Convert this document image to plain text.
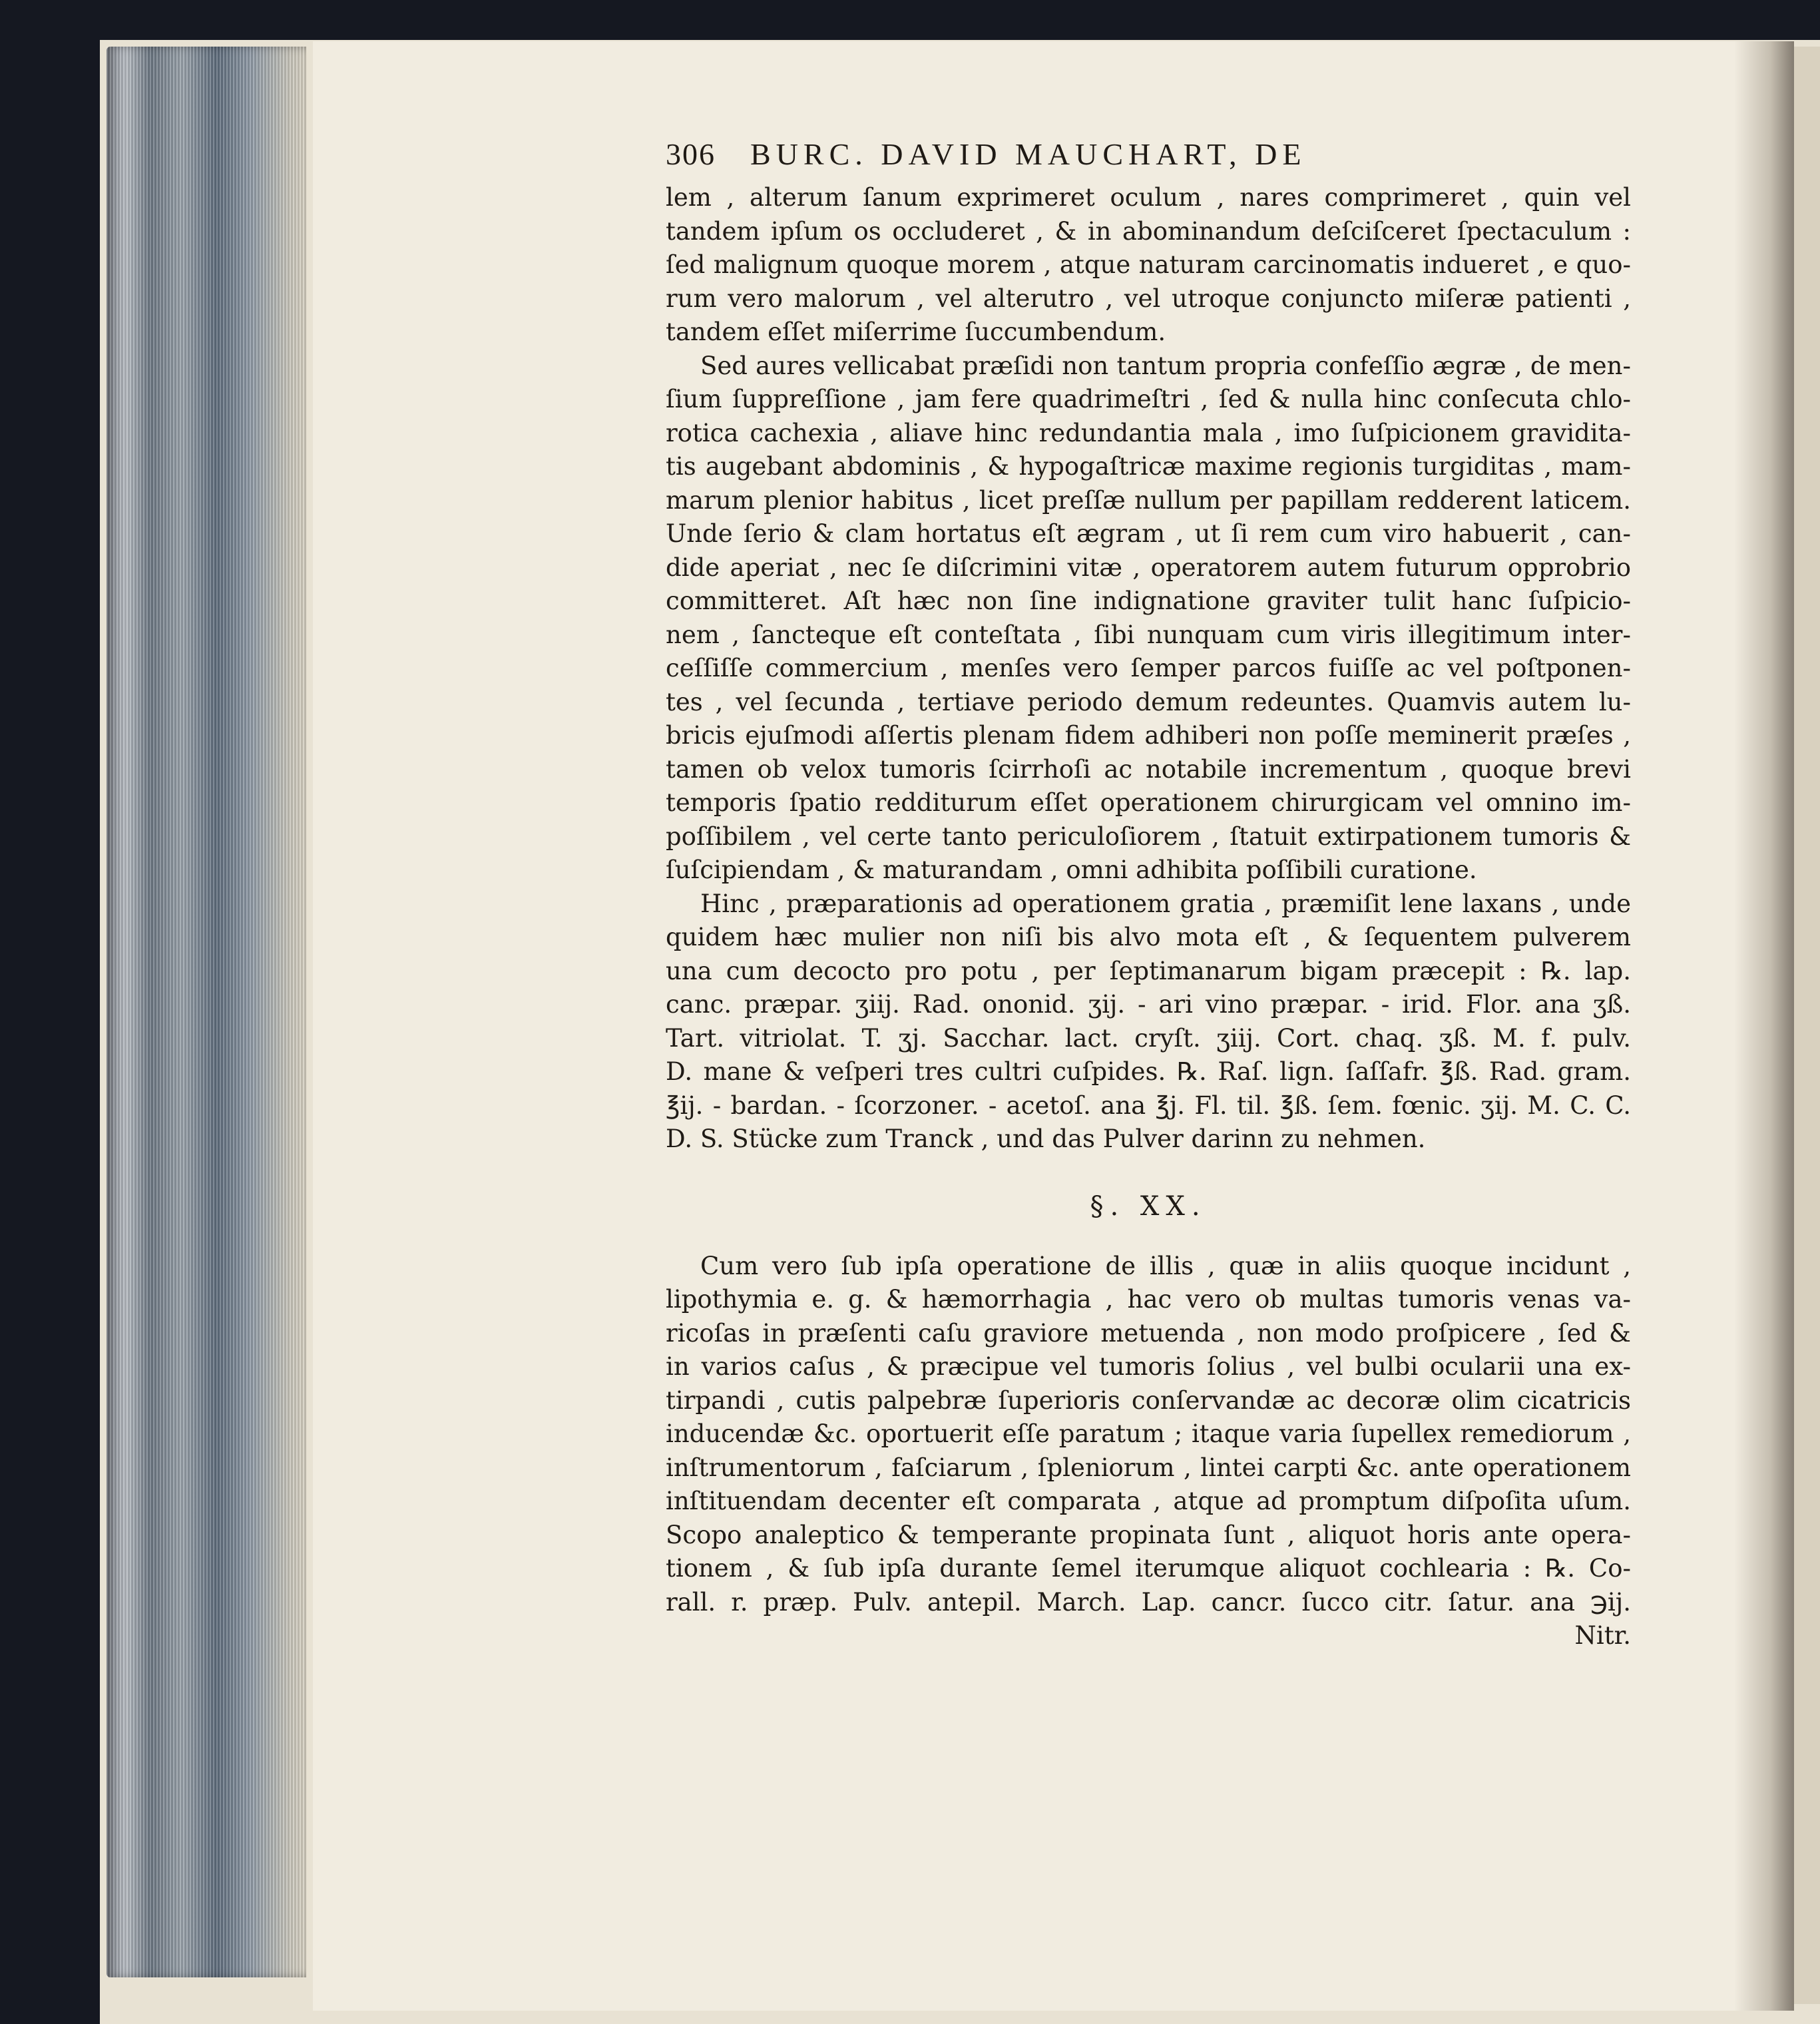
306 BURC. DAVID MAUCHART, DE
lem , alterum ſanum exprimeret oculum , nares comprimeret , quin vel
tandem ipſum os occluderet , & in abominandum deſciſceret ſpectaculum :
ſed malignum quoque morem , atque naturam carcinomatis indueret , e quo-
rum vero malorum , vel alterutro , vel utroque conjuncto miſeræ patienti ,
tandem eſſet miſerrime ſuccumbendum.
Sed aures vellicabat præſidi non tantum propria confeſſio ægræ , de men-
ſium ſuppreſſione , jam fere quadrimeſtri , ſed & nulla hinc conſecuta chlo-
rotica cachexia , aliave hinc redundantia mala , imo ſuſpicionem gravidita-
tis augebant abdominis , & hypogaſtricæ maxime regionis turgiditas , mam-
marum plenior habitus , licet preſſæ nullum per papillam redderent laticem.
Unde ſerio & clam hortatus eſt ægram , ut ſi rem cum viro habuerit , can-
dide aperiat , nec ſe diſcrimini vitæ , operatorem autem futurum opprobrio
committeret. Aſt hæc non ſine indignatione graviter tulit hanc ſuſpicio-
nem , ſancteque eſt conteſtata , ſibi nunquam cum viris illegitimum inter-
ceſſiſſe commercium , menſes vero ſemper parcos fuiſſe ac vel poſtponen-
tes , vel ſecunda , tertiave periodo demum redeuntes. Quamvis autem lu-
bricis ejuſmodi aſſertis plenam fidem adhiberi non poſſe meminerit præſes ,
tamen ob velox tumoris ſcirrhoſi ac notabile incrementum , quoque brevi
temporis ſpatio redditurum eſſet operationem chirurgicam vel omnino im-
poſſibilem , vel certe tanto periculoſiorem , ſtatuit extirpationem tumoris &
ſuſcipiendam , & maturandam , omni adhibita poſſibili curatione.
Hinc , præparationis ad operationem gratia , præmiſit lene laxans , unde
quidem hæc mulier non niſi bis alvo mota eſt , & ſequentem pulverem
una cum decocto pro potu , per ſeptimanarum bigam præcepit : ℞. lap.
canc. præpar. ʒiij. Rad. ononid. ʒij. - ari vino præpar. - irid. Flor. ana ʒß.
Tart. vitriolat. T. ʒj. Sacchar. lact. cryſt. ʒiij. Cort. chaq. ʒß. M. f. pulv.
D. mane & veſperi tres cultri cuſpides. ℞. Raſ. lign. ſaſſafr. ℥ß. Rad. gram.
℥ij. - bardan. - ſcorzoner. - acetoſ. ana ℥j. Fl. til. ℥ß. ſem. fœnic. ʒij. M. C. C.
D. S. Stücke zum Tranck , und das Pulver darinn zu nehmen.
§. XX.
Cum vero ſub ipſa operatione de illis , quæ in aliis quoque incidunt ,
lipothymia e. g. & hæmorrhagia , hac vero ob multas tumoris venas va-
ricoſas in præſenti caſu graviore metuenda , non modo proſpicere , ſed &
in varios caſus , & præcipue vel tumoris ſolius , vel bulbi ocularii una ex-
tirpandi , cutis palpebræ ſuperioris conſervandæ ac decoræ olim cicatricis
inducendæ &c. oportuerit eſſe paratum ; itaque varia ſupellex remediorum ,
inſtrumentorum , faſciarum , ſpleniorum , lintei carpti &c. ante operationem
inſtituendam decenter eſt comparata , atque ad promptum diſpoſita uſum.
Scopo analeptico & temperante propinata ſunt , aliquot horis ante opera-
tionem , & ſub ipſa durante ſemel iterumque aliquot cochlearia : ℞. Co-
rall. r. præp. Pulv. antepil. March. Lap. cancr. ſucco citr. ſatur. ana ℈ij.
Nitr.
